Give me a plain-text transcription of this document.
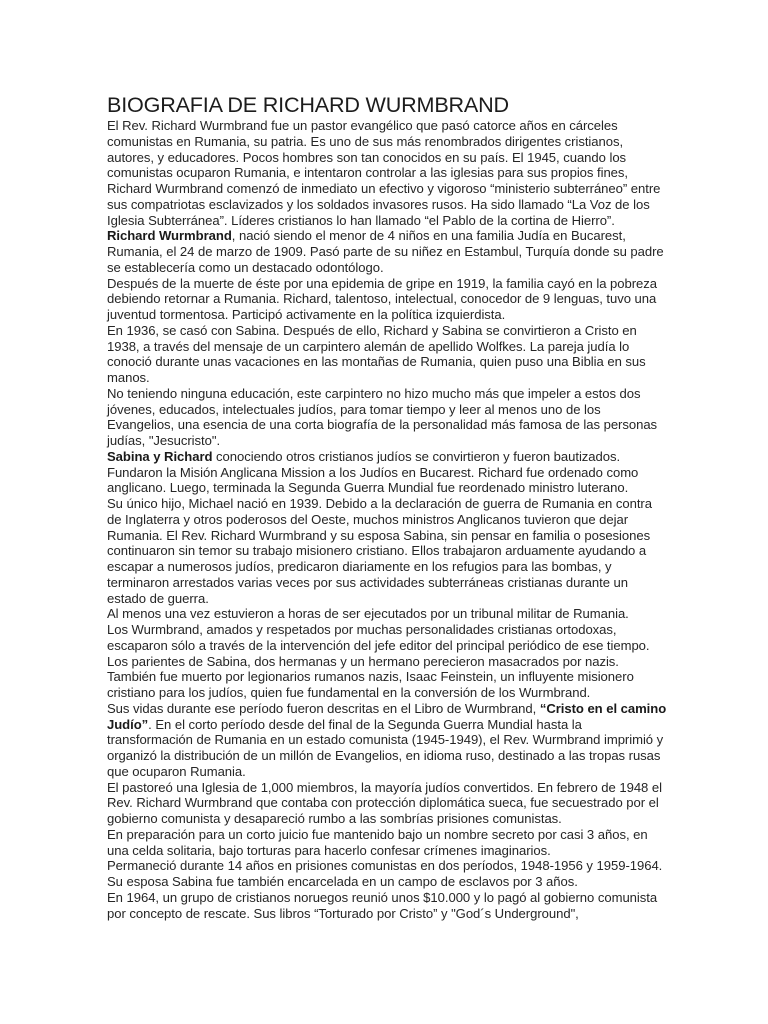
BIOGRAFIA DE RICHARD WURMBRAND

El Rev. Richard Wurmbrand fue un pastor evangélico que pasó catorce años en cárceles comunistas en Rumania, su patria. Es uno de sus más renombrados dirigentes cristianos, autores, y educadores. Pocos hombres son tan conocidos en su país. El 1945, cuando los comunistas ocuparon Rumania, e intentaron controlar a las iglesias para sus propios fines, Richard Wurmbrand comenzó de inmediato un efectivo y vigoroso “ministerio subterráneo” entre sus compatriotas esclavizados y los soldados invasores rusos. Ha sido llamado “La Voz de los Iglesia Subterránea”. Líderes cristianos lo han llamado “el Pablo de la cortina de Hierro”.

Richard Wurmbrand, nació siendo el menor de 4 niños en una familia Judía en Bucarest, Rumania, el 24 de marzo de 1909. Pasó parte de su niñez en Estambul, Turquía donde su padre se establecería como un destacado odontólogo.

Después de la muerte de éste por una epidemia de gripe en 1919, la familia cayó en la pobreza debiendo retornar a Rumania. Richard, talentoso, intelectual, conocedor de 9 lenguas, tuvo una juventud tormentosa. Participó activamente en la política izquierdista.

En 1936, se casó con Sabina. Después de ello, Richard y Sabina se convirtieron a Cristo en 1938, a través del mensaje de un carpintero alemán de apellido Wolfkes. La pareja judía lo conoció durante unas vacaciones en las montañas de Rumania, quien puso una Biblia en sus manos.

No teniendo ninguna educación, este carpintero no hizo mucho más que impeler a estos dos jóvenes, educados, intelectuales judíos, para tomar tiempo y leer al menos uno de los Evangelios, una esencia de una corta biografía de la personalidad más famosa de las personas judías, "Jesucristo".

Sabina y Richard conociendo otros cristianos judíos se convirtieron y fueron bautizados. Fundaron la Misión Anglicana Mission a los Judíos en Bucarest. Richard fue ordenado como anglicano. Luego, terminada la Segunda Guerra Mundial fue reordenado ministro luterano.

Su único hijo, Michael nació en 1939. Debido a la declaración de guerra de Rumania en contra de Inglaterra y otros poderosos del Oeste, muchos ministros Anglicanos tuvieron que dejar Rumania. El Rev. Richard Wurmbrand y su esposa Sabina, sin pensar en familia o posesiones continuaron sin temor su trabajo misionero cristiano. Ellos trabajaron arduamente ayudando a escapar a numerosos judíos, predicaron diariamente en los refugios para las bombas, y terminaron arrestados varias veces por sus actividades subterráneas cristianas durante un estado de guerra.

Al menos una vez estuvieron a horas de ser ejecutados por un tribunal militar de Rumania.

Los Wurmbrand, amados y respetados por muchas personalidades cristianas ortodoxas, escaparon sólo a través de la intervención del jefe editor del principal periódico de ese tiempo.

Los parientes de Sabina, dos hermanas y un hermano perecieron masacrados por nazis.

También fue muerto por legionarios rumanos nazis, Isaac Feinstein, un influyente misionero cristiano para los judíos, quien fue fundamental en la conversión de los Wurmbrand.

Sus vidas durante ese período fueron descritas en el Libro de Wurmbrand, “Cristo en el camino Judío”. En el corto período desde del final de la Segunda Guerra Mundial hasta la transformación de Rumania en un estado comunista (1945-1949), el Rev. Wurmbrand imprimió y organizó la distribución de un millón de Evangelios, en idioma ruso, destinado a las tropas rusas que ocuparon Rumania.

El pastoreó una Iglesia de 1,000 miembros, la mayoría judíos convertidos. En febrero de 1948 el Rev. Richard Wurmbrand que contaba con protección diplomática sueca, fue secuestrado por el gobierno comunista y desapareció rumbo a las sombrías prisiones comunistas.

En preparación para un corto juicio fue mantenido bajo un nombre secreto por casi 3 años, en una celda solitaria, bajo torturas para hacerlo confesar crímenes imaginarios.

Permaneció durante 14 años en prisiones comunistas en dos períodos, 1948-1956 y 1959-1964. Su esposa Sabina fue también encarcelada en un campo de esclavos por 3 años.

En 1964, un grupo de cristianos noruegos reunió unos $10.000 y lo pagó al gobierno comunista por concepto de rescate. Sus libros “Torturado por Cristo” y "God´s Underground",
